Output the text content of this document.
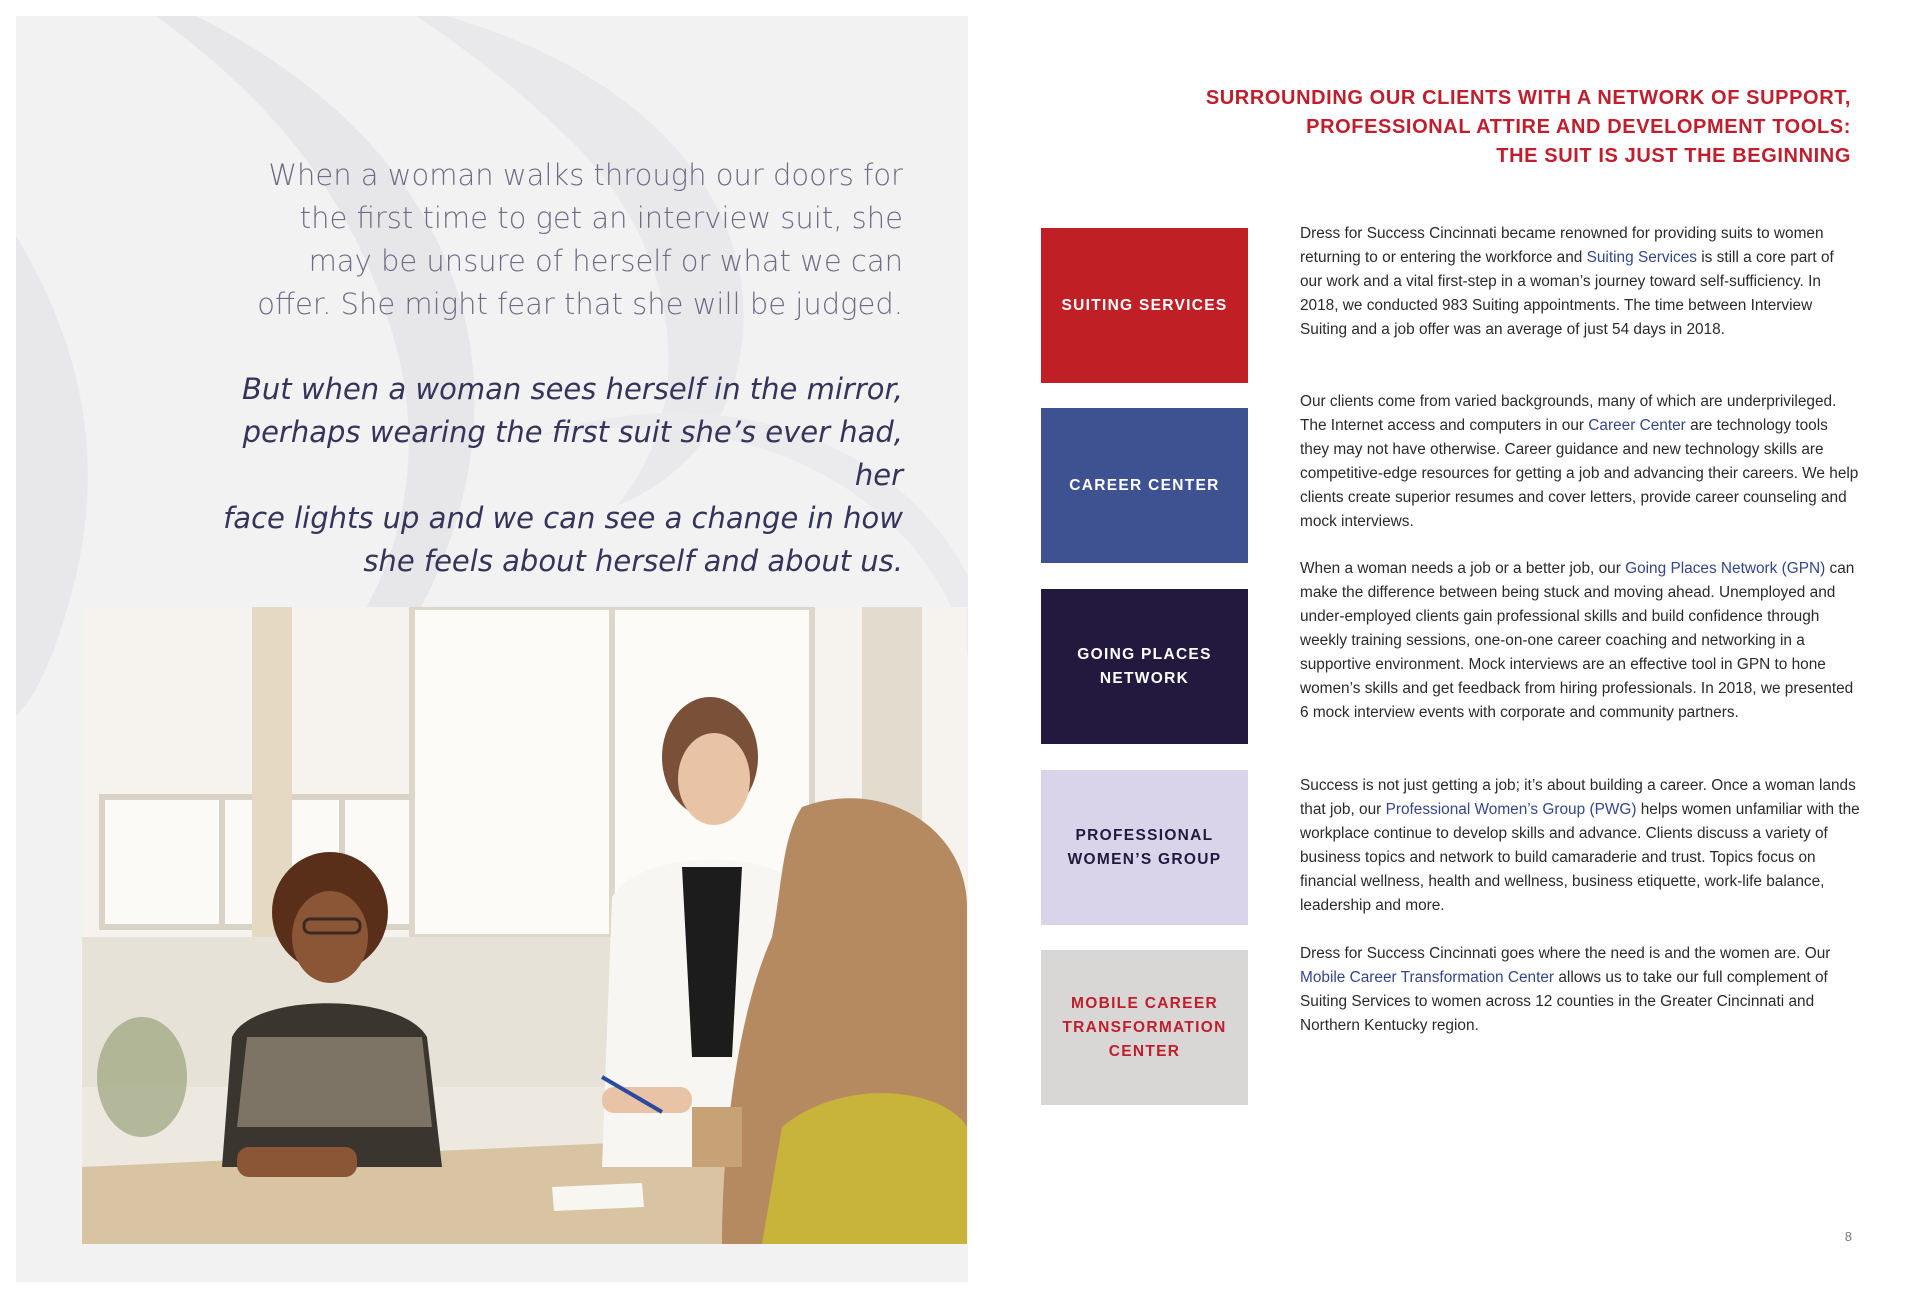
When a woman walks through our doors for

the first time to get an interview suit, she

may be unsure of herself or what we can

offer. She might fear that she will be judged.

But when a woman sees herself in the mirror,

perhaps wearing the first suit she’s ever had, her

face lights up and we can see a change in how

she feels about herself and about us.

SURROUNDING OUR CLIENTS WITH A NETWORK OF SUPPORT,
PROFESSIONAL ATTIRE AND DEVELOPMENT TOOLS:
THE SUIT IS JUST THE BEGINNING
SUITING SERVICES
CAREER CENTER
GOING PLACES
NETWORK
PROFESSIONAL
WOMEN’S GROUP
MOBILE CAREER
TRANSFORMATION
CENTER

Dress for Success Cincinnati became renowned for providing suits to women returning to or entering the workforce and Suiting Services is still a core part of our work and a vital first-step in a woman’s journey toward self-sufficiency. In 2018, we conducted 983 Suiting appointments. The time between Interview Suiting and a job offer was an average of just 54 days in 2018.

Our clients come from varied backgrounds, many of which are underprivileged. The Internet access and computers in our Career Center are technology tools they may not have otherwise. Career guidance and new technology skills are competitive-edge resources for getting a job and advancing their careers. We help clients create superior resumes and cover letters, provide career counseling and mock interviews.

When a woman needs a job or a better job, our Going Places Network (GPN) can make the difference between being stuck and moving ahead. Unemployed and under-employed clients gain professional skills and build confidence through weekly training sessions, one-on-one career coaching and networking in a supportive environment. Mock interviews are an effective tool in GPN to hone women’s skills and get feedback from hiring professionals. In 2018, we presented 6 mock interview events with corporate and community partners.

Success is not just getting a job; it’s about building a career. Once a woman lands that job, our Professional Women’s Group (PWG) helps women unfamiliar with the workplace continue to develop skills and advance. Clients discuss a variety of business topics and network to build camaraderie and trust. Topics focus on financial wellness, health and wellness, business etiquette, work-life balance, leadership and more.

Dress for Success Cincinnati goes where the need is and the women are. Our Mobile Career Transformation Center allows us to take our full complement of Suiting Services to women across 12 counties in the Greater Cincinnati and Northern Kentucky region.

8
